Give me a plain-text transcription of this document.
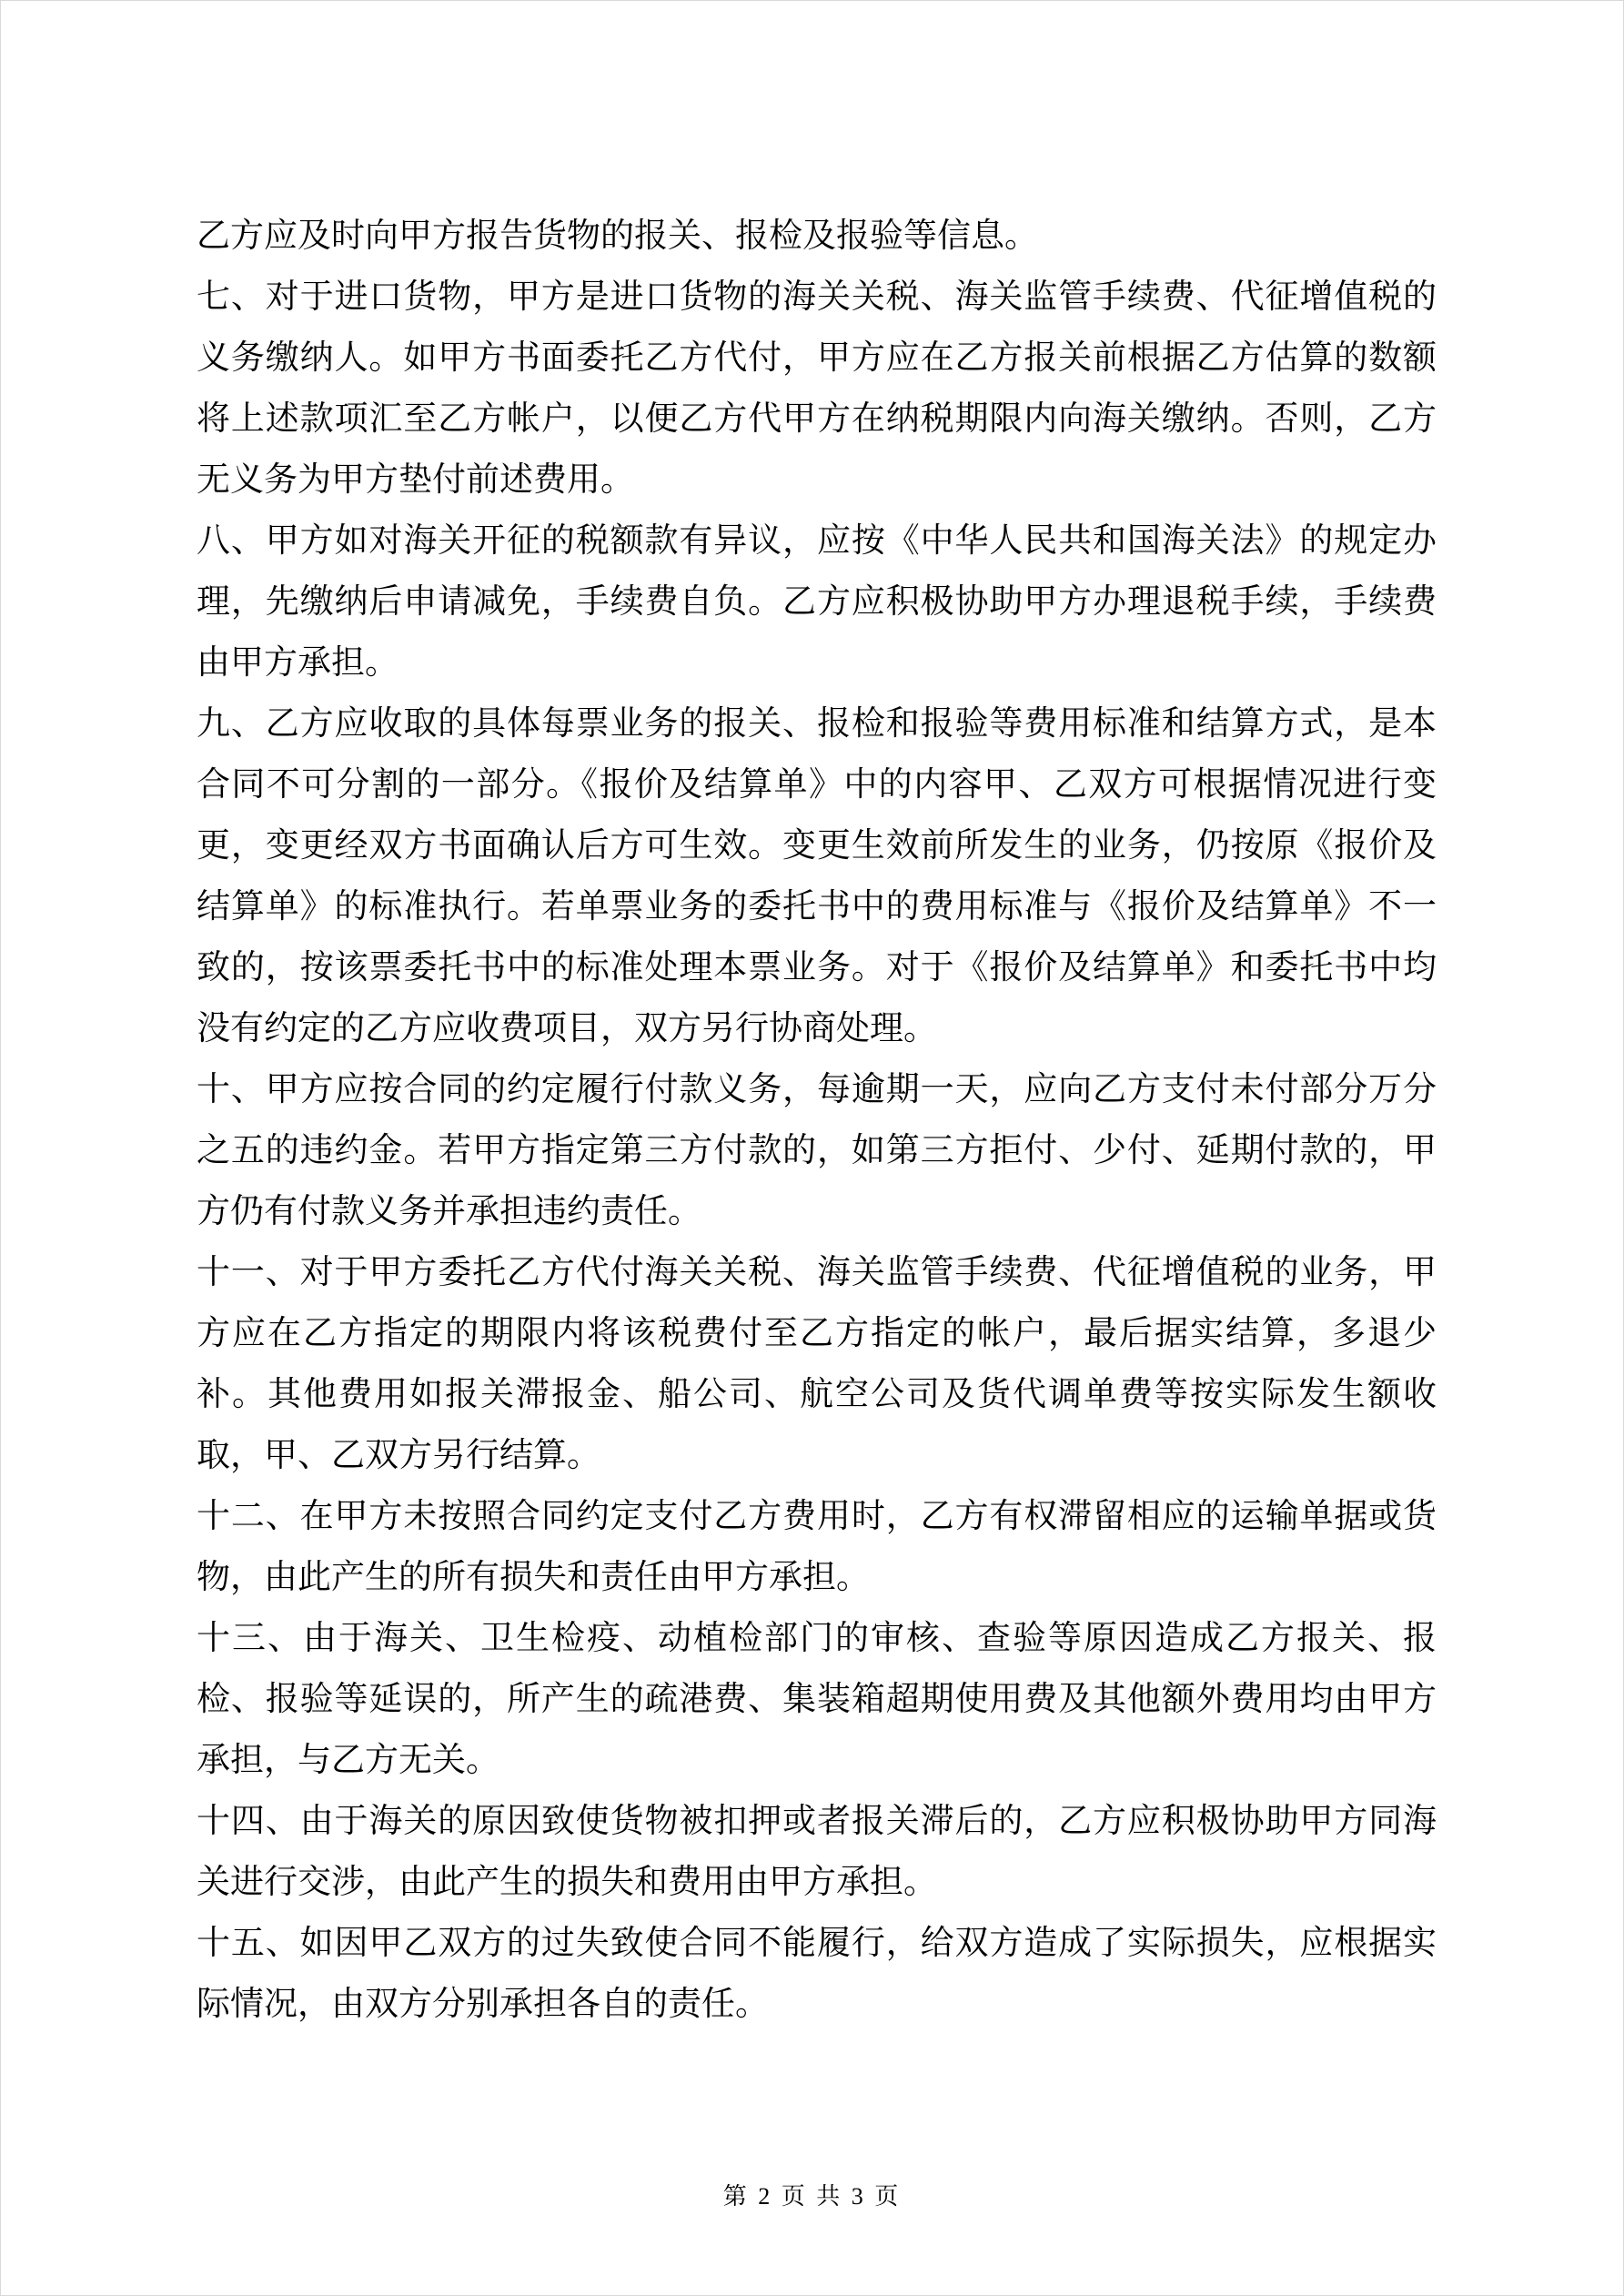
乙方应及时向甲方报告货物的报关、报检及报验等信息。

七、对于进口货物，甲方是进口货物的海关关税、海关监管手续费、代征增值税的义务缴纳人。如甲方书面委托乙方代付，甲方应在乙方报关前根据乙方估算的数额将上述款项汇至乙方帐户，以便乙方代甲方在纳税期限内向海关缴纳。否则，乙方无义务为甲方垫付前述费用。

八、甲方如对海关开征的税额款有异议，应按《中华人民共和国海关法》的规定办理，先缴纳后申请减免，手续费自负。乙方应积极协助甲方办理退税手续，手续费由甲方承担。

九、乙方应收取的具体每票业务的报关、报检和报验等费用标准和结算方式，是本合同不可分割的一部分。《报价及结算单》中的内容甲、乙双方可根据情况进行变更，变更经双方书面确认后方可生效。变更生效前所发生的业务，仍按原《报价及结算单》的标准执行。若单票业务的委托书中的费用标准与《报价及结算单》不一致的，按该票委托书中的标准处理本票业务。对于《报价及结算单》和委托书中均没有约定的乙方应收费项目，双方另行协商处理。

十、甲方应按合同的约定履行付款义务，每逾期一天，应向乙方支付未付部分万分之五的违约金。若甲方指定第三方付款的，如第三方拒付、少付、延期付款的，甲方仍有付款义务并承担违约责任。

十一、对于甲方委托乙方代付海关关税、海关监管手续费、代征增值税的业务，甲方应在乙方指定的期限内将该税费付至乙方指定的帐户，最后据实结算，多退少补。其他费用如报关滞报金、船公司、航空公司及货代调单费等按实际发生额收取，甲、乙双方另行结算。

十二、在甲方未按照合同约定支付乙方费用时，乙方有权滞留相应的运输单据或货物，由此产生的所有损失和责任由甲方承担。

十三、由于海关、卫生检疫、动植检部门的审核、查验等原因造成乙方报关、报检、报验等延误的，所产生的疏港费、集装箱超期使用费及其他额外费用均由甲方承担，与乙方无关。

十四、由于海关的原因致使货物被扣押或者报关滞后的，乙方应积极协助甲方同海关进行交涉，由此产生的损失和费用由甲方承担。

十五、如因甲乙双方的过失致使合同不能履行，给双方造成了实际损失，应根据实际情况，由双方分别承担各自的责任。

第 2 页 共 3 页
